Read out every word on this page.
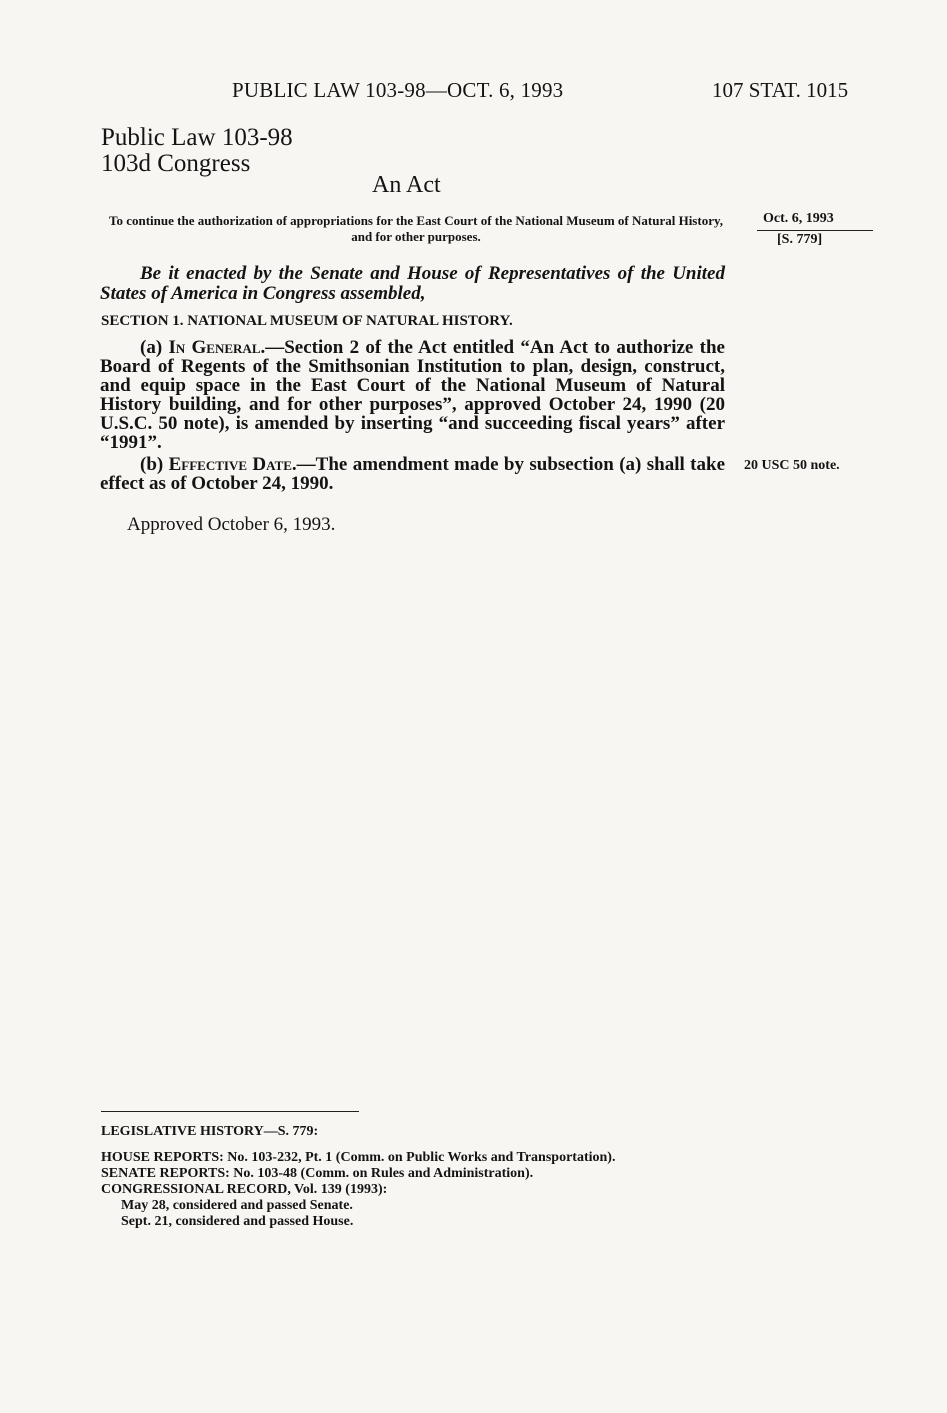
PUBLIC LAW 103-98—OCT. 6, 1993	107 STAT. 1015
Public Law 103-98
103d Congress
An Act
To continue the authorization of appropriations for the East Court of the National Museum of Natural History, and for other purposes.
Oct. 6, 1993
[S. 779]
Be it enacted by the Senate and House of Representatives of the United States of America in Congress assembled,
SECTION 1. NATIONAL MUSEUM OF NATURAL HISTORY.
(a) In General.—Section 2 of the Act entitled “An Act to authorize the Board of Regents of the Smithsonian Institution to plan, design, construct, and equip space in the East Court of the National Museum of Natural History building, and for other purposes”, approved October 24, 1990 (20 U.S.C. 50 note), is amended by inserting “and succeeding fiscal years” after “1991”.
(b) Effective Date.—The amendment made by subsection (a) shall take effect as of October 24, 1990.
20 USC 50 note.
Approved October 6, 1993.
LEGISLATIVE HISTORY—S. 779:
HOUSE REPORTS: No. 103-232, Pt. 1 (Comm. on Public Works and Transportation).
SENATE REPORTS: No. 103-48 (Comm. on Rules and Administration).
CONGRESSIONAL RECORD, Vol. 139 (1993):
May 28, considered and passed Senate.
Sept. 21, considered and passed House.
